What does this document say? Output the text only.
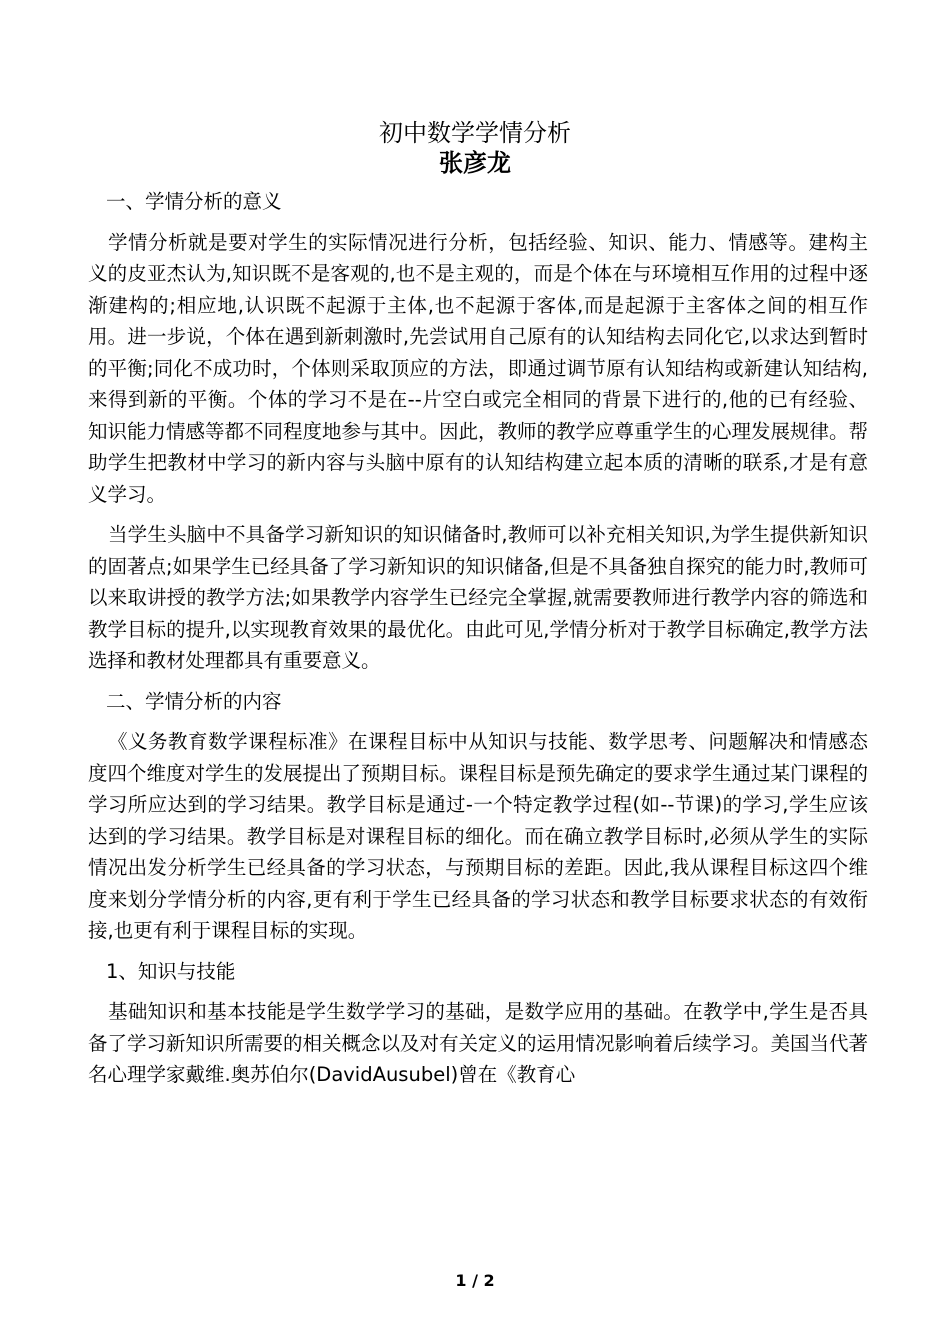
初中数学学情分析
张彦龙

一、学情分析的意义

学情分析就是要对学生的实际情况进行分析，包括经验、知识、能力、情感等。建构主义的皮亚杰认为,知识既不是客观的,也不是主观的，而是个体在与环境相互作用的过程中逐渐建构的;相应地,认识既不起源于主体,也不起源于客体,而是起源于主客体之间的相互作用。进一步说，个体在遇到新刺激时,先尝试用自己原有的认知结构去同化它,以求达到暂时的平衡;同化不成功时，个体则采取顶应的方法，即通过调节原有认知结构或新建认知结构,来得到新的平衡。个体的学习不是在--片空白或完全相同的背景下进行的,他的已有经验、知识能力情感等都不同程度地参与其中。因此，教师的教学应尊重学生的心理发展规律。帮助学生把教材中学习的新内容与头脑中原有的认知结构建立起本质的清晰的联系,才是有意义学习。

当学生头脑中不具备学习新知识的知识储备时,教师可以补充相关知识,为学生提供新知识的固著点;如果学生已经具备了学习新知识的知识储备,但是不具备独自探究的能力时,教师可以来取讲授的教学方法;如果教学内容学生已经完全掌握,就需要教师进行教学内容的筛选和教学目标的提升,以实现教育效果的最优化。由此可见,学情分析对于教学目标确定,教学方法选择和教材处理都具有重要意义。

二、学情分析的内容

《义务教育数学课程标准》在课程目标中从知识与技能、数学思考、问题解决和情感态度四个维度对学生的发展提出了预期目标。课程目标是预先确定的要求学生通过某门课程的学习所应达到的学习结果。教学目标是通过-一个特定教学过程(如--节课)的学习,学生应该达到的学习结果。教学目标是对课程目标的细化。而在确立教学目标时,必须从学生的实际情况出发分析学生已经具备的学习状态，与预期目标的差距。因此,我从课程目标这四个维度来划分学情分析的内容,更有利于学生已经具备的学习状态和教学目标要求状态的有效衔接,也更有利于课程目标的实现。

1、知识与技能

基础知识和基本技能是学生数学学习的基础，是数学应用的基础。在教学中,学生是否具备了学习新知识所需要的相关概念以及对有关定义的运用情况影响着后续学习。美国当代著名心理学家戴维.奥苏伯尔(DavidAusubel)曾在《教育心

1 / 2
